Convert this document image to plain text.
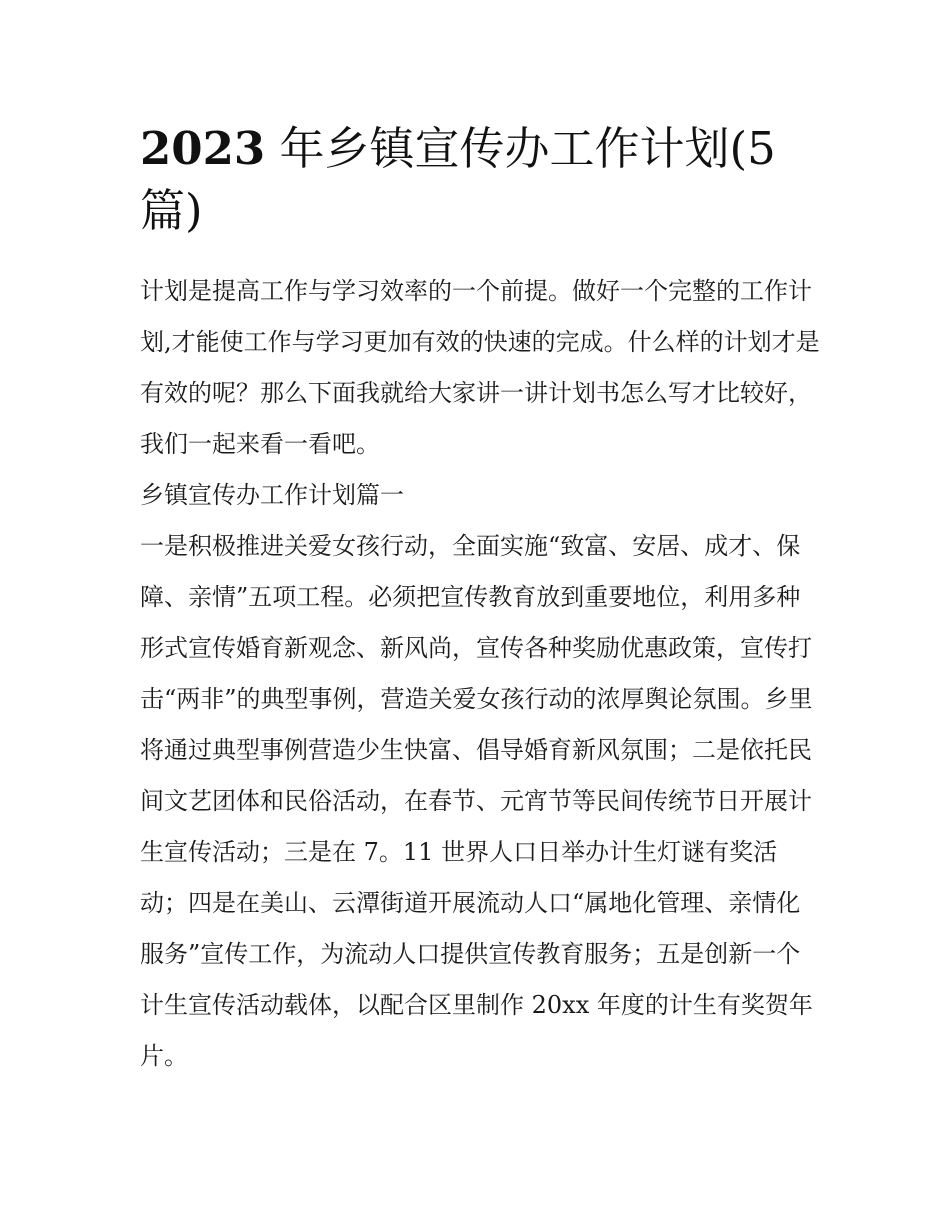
2023 年乡镇宣传办工作计划(5篇)

计划是提高工作与学习效率的一个前提。做好一个完整的工作计划,才能使工作与学习更加有效的快速的完成。什么样的计划才是有效的呢？那么下面我就给大家讲一讲计划书怎么写才比较好，我们一起来看一看吧。

乡镇宣传办工作计划篇一

一是积极推进关爱女孩行动，全面实施“致富、安居、成才、保障、亲情”五项工程。必须把宣传教育放到重要地位，利用多种形式宣传婚育新观念、新风尚，宣传各种奖励优惠政策，宣传打击“两非”的典型事例，营造关爱女孩行动的浓厚舆论氛围。乡里将通过典型事例营造少生快富、倡导婚育新风氛围；二是依托民间文艺团体和民俗活动，在春节、元宵节等民间传统节日开展计生宣传活动；三是在 7。11 世界人口日举办计生灯谜有奖活动；四是在美山、云潭街道开展流动人口“属地化管理、亲情化服务”宣传工作，为流动人口提供宣传教育服务；五是创新一个计生宣传活动载体，以配合区里制作 20xx 年度的计生有奖贺年片。
